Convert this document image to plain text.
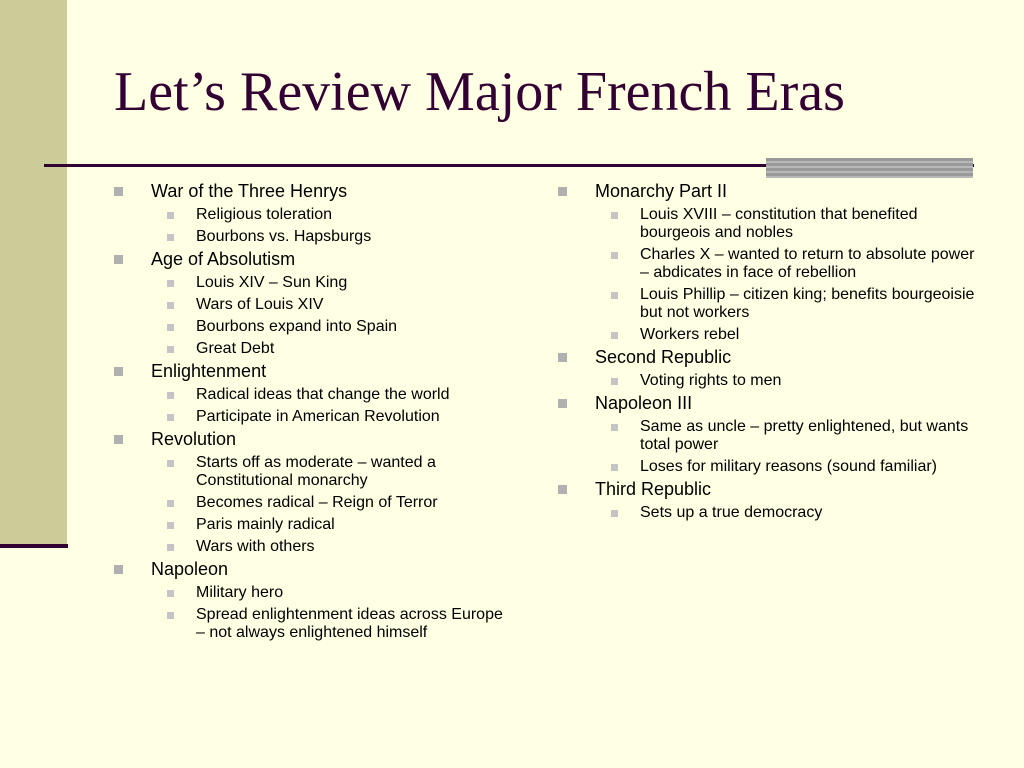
Let’s Review Major French Eras
War of the Three Henrys
Religious toleration
Bourbons vs. Hapsburgs
Age of Absolutism
Louis XIV – Sun King
Wars of Louis XIV
Bourbons expand into Spain
Great Debt
Enlightenment
Radical ideas that change the world
Participate in American Revolution
Revolution
Starts off as moderate – wanted a Constitutional monarchy
Becomes radical – Reign of Terror
Paris mainly radical
Wars with others
Napoleon
Military hero
Spread enlightenment ideas across Europe – not always enlightened himself
Monarchy Part II
Louis XVIII – constitution that benefited bourgeois and nobles
Charles X – wanted to return to absolute power – abdicates in face of rebellion
Louis Phillip – citizen king; benefits bourgeoisie but not workers
Workers rebel
Second Republic
Voting rights to men
Napoleon III
Same as uncle – pretty enlightened, but wants total power
Loses for military reasons (sound familiar)
Third Republic
Sets up a true democracy
